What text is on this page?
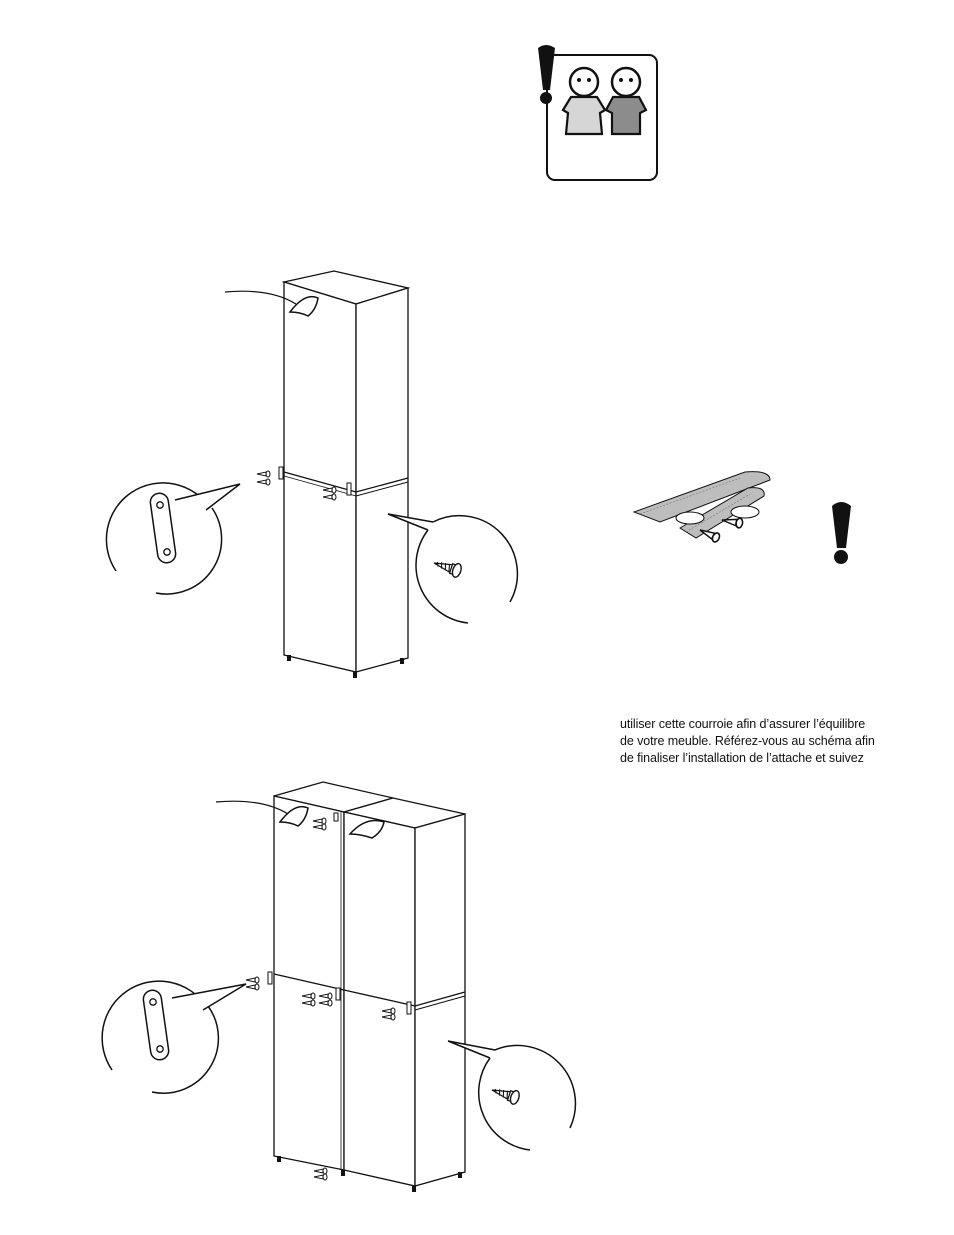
utiliser cette courroie afin d’assurer l’équilibre
de votre meuble. Référez-vous au schéma afin
de finaliser l’installation de l’attache et suivez
